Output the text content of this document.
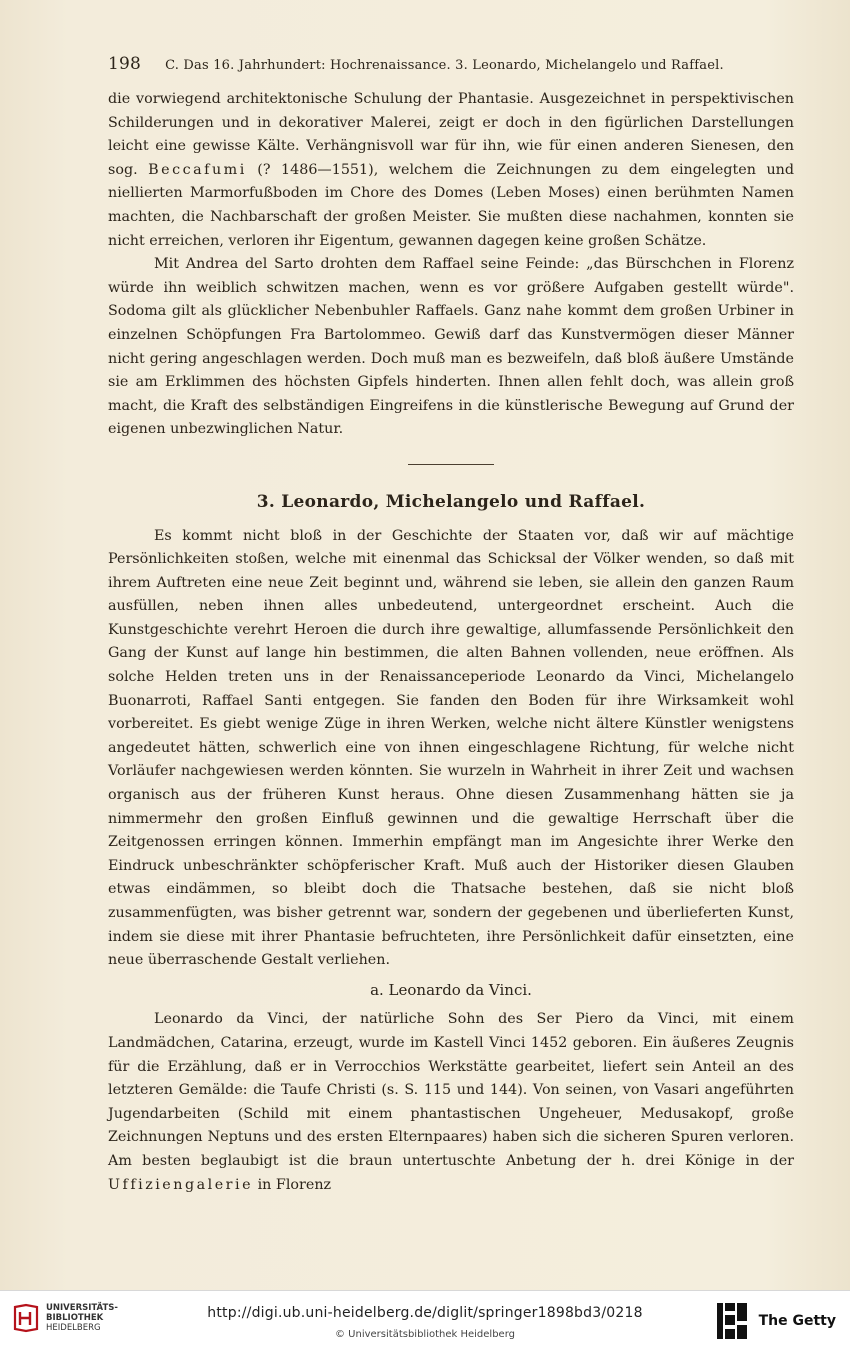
198 C. Das 16. Jahrhundert: Hochrenaissance. 3. Leonardo, Michelangelo und Raffael.

die vorwiegend architektonische Schulung der Phantasie. Ausgezeichnet in perspektivischen Schilderungen und in dekorativer Malerei, zeigt er doch in den figürlichen Darstellungen leicht eine gewisse Kälte. Verhängnisvoll war für ihn, wie für einen anderen Sienesen, den sog. Beccafumi (? 1486—1551), welchem die Zeichnungen zu dem eingelegten und niellierten Marmorfußboden im Chore des Domes (Leben Moses) einen berühmten Namen machten, die Nachbarschaft der großen Meister. Sie mußten diese nachahmen, konnten sie nicht erreichen, verloren ihr Eigentum, gewannen dagegen keine großen Schätze.

Mit Andrea del Sarto drohten dem Raffael seine Feinde: „das Bürschchen in Florenz würde ihn weiblich schwitzen machen, wenn es vor größere Aufgaben gestellt würde". Sodoma gilt als glücklicher Nebenbuhler Raffaels. Ganz nahe kommt dem großen Urbiner in einzelnen Schöpfungen Fra Bartolommeo. Gewiß darf das Kunstvermögen dieser Männer nicht gering angeschlagen werden. Doch muß man es bezweifeln, daß bloß äußere Umstände sie am Erklimmen des höchsten Gipfels hinderten. Ihnen allen fehlt doch, was allein groß macht, die Kraft des selbständigen Eingreifens in die künstlerische Bewegung auf Grund der eigenen unbezwinglichen Natur.

3. Leonardo, Michelangelo und Raffael.

Es kommt nicht bloß in der Geschichte der Staaten vor, daß wir auf mächtige Persönlichkeiten stoßen, welche mit einenmal das Schicksal der Völker wenden, so daß mit ihrem Auftreten eine neue Zeit beginnt und, während sie leben, sie allein den ganzen Raum ausfüllen, neben ihnen alles unbedeutend, untergeordnet erscheint. Auch die Kunstgeschichte verehrt Heroen die durch ihre gewaltige, allumfassende Persönlichkeit den Gang der Kunst auf lange hin bestimmen, die alten Bahnen vollenden, neue eröffnen. Als solche Helden treten uns in der Renaissanceperiode Leonardo da Vinci, Michelangelo Buonarroti, Raffael Santi entgegen. Sie fanden den Boden für ihre Wirksamkeit wohl vorbereitet. Es giebt wenige Züge in ihren Werken, welche nicht ältere Künstler wenigstens angedeutet hätten, schwerlich eine von ihnen eingeschlagene Richtung, für welche nicht Vorläufer nachgewiesen werden könnten. Sie wurzeln in Wahrheit in ihrer Zeit und wachsen organisch aus der früheren Kunst heraus. Ohne diesen Zusammenhang hätten sie ja nimmermehr den großen Einfluß gewinnen und die gewaltige Herrschaft über die Zeitgenossen erringen können. Immerhin empfängt man im Angesichte ihrer Werke den Eindruck unbeschränkter schöpferischer Kraft. Muß auch der Historiker diesen Glauben etwas eindämmen, so bleibt doch die Thatsache bestehen, daß sie nicht bloß zusammenfügten, was bisher getrennt war, sondern der gegebenen und überlieferten Kunst, indem sie diese mit ihrer Phantasie befruchteten, ihre Persönlichkeit dafür einsetzten, eine neue überraschende Gestalt verliehen.

a. Leonardo da Vinci.

Leonardo da Vinci, der natürliche Sohn des Ser Piero da Vinci, mit einem Landmädchen, Catarina, erzeugt, wurde im Kastell Vinci 1452 geboren. Ein äußeres Zeugnis für die Erzählung, daß er in Verrocchios Werkstätte gearbeitet, liefert sein Anteil an des letzteren Gemälde: die Taufe Christi (s. S. 115 und 144). Von seinen, von Vasari angeführten Jugendarbeiten (Schild mit einem phantastischen Ungeheuer, Medusakopf, große Zeichnungen Neptuns und des ersten Elternpaares) haben sich die sicheren Spuren verloren. Am besten beglaubigt ist die braun untertuschte Anbetung der h. drei Könige in der Uffiziengalerie in Florenz

UNIVERSITÄTS-
BIBLIOTHEK
HEIDELBERG
http://digi.ub.uni-heidelberg.de/diglit/springer1898bd3/0218
© Universitätsbibliothek Heidelberg
The Getty
